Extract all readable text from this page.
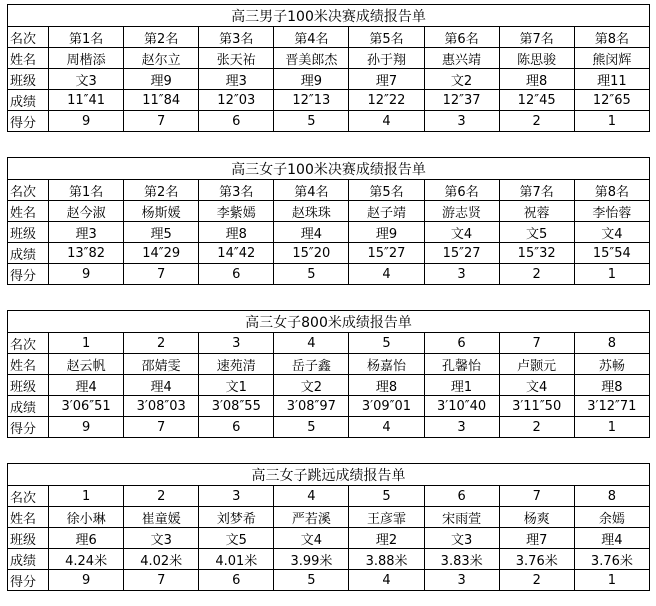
高三男子100米决赛成绩报告单								
名次	第1名	第2名	第3名	第4名	第5名	第6名	第7名	第8名
姓名	周楷添	赵尔立	张天祐	晋美郎杰	孙于翔	惠兴靖	陈思骏	熊闵辉
班级	文3	理9	理3	理9	理7	文2	理8	理11
成绩	11″41	11″84	12″03	12″13	12″22	12″37	12″45	12″65
得分	9	7	6	5	4	3	2	1
高三女子100米决赛成绩报告单								
名次	第1名	第2名	第3名	第4名	第5名	第6名	第7名	第8名
姓名	赵今淑	杨斯媛	李紫嫣	赵珠珠	赵子靖	游志贤	祝蓉	李怡蓉
班级	理3	理5	理8	理4	理9	文4	文5	文4
成绩	13″82	14″29	14″42	15″20	15″27	15″27	15″32	15″54
得分	9	7	6	5	4	3	2	1
高三女子800米成绩报告单								
名次	1	2	3	4	5	6	7	8
姓名	赵云帆	邵婧雯	速苑清	岳子鑫	杨嘉怡	孔馨怡	卢颢元	苏畅
班级	理4	理4	文1	文2	理8	理1	文4	理8
成绩	3′06″51	3′08″03	3′08″55	3′08″97	3′09″01	3′10″40	3′11″50	3′12″71
得分	9	7	6	5	4	3	2	1
高三女子跳远成绩报告单								
名次	1	2	3	4	5	6	7	8
姓名	徐小琳	崔童媛	刘梦希	严若溪	王彦霏	宋雨萱	杨爽	余嫣
班级	理6	文3	文5	文4	理2	文3	理7	理4
成绩	4.24米	4.02米	4.01米	3.99米	3.88米	3.83米	3.76米	3.76米
得分	9	7	6	5	4	3	2	1
